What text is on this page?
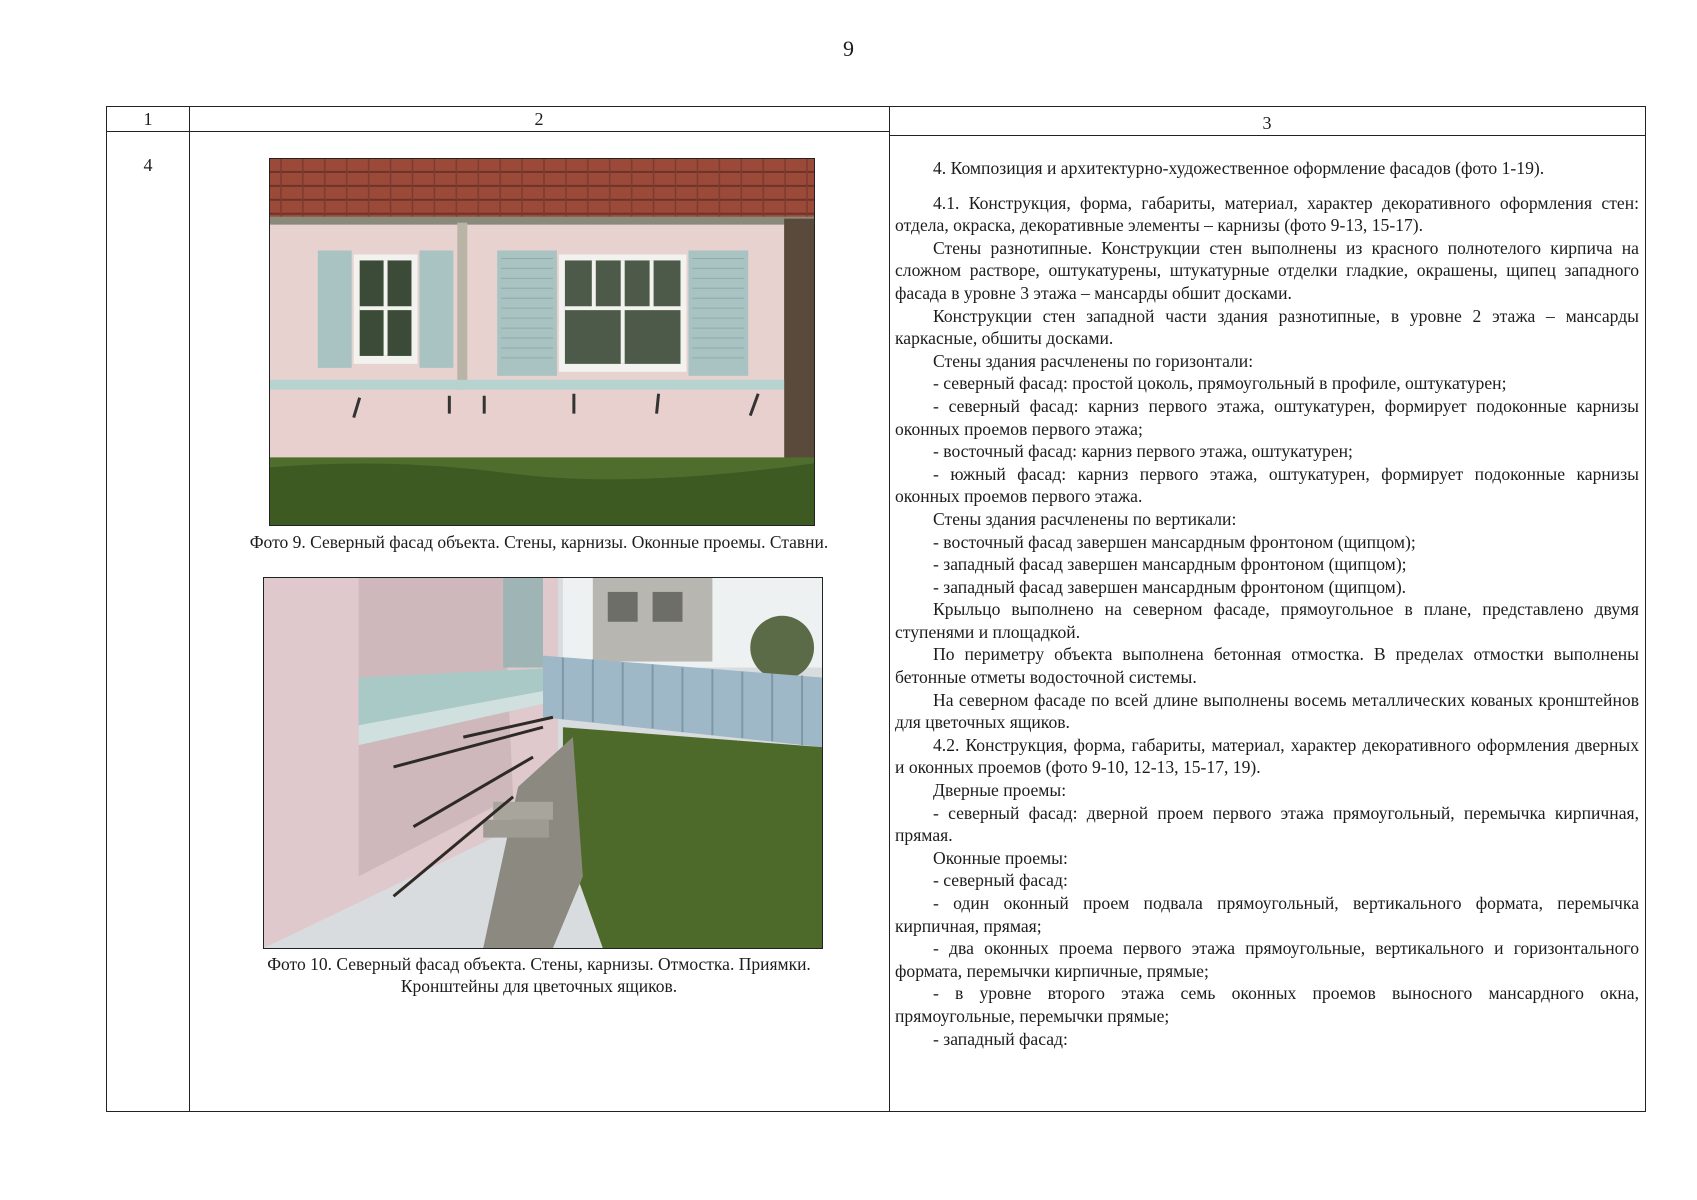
9
1	2	3
4
Фото 9. Северный фасад объекта. Стены, карнизы. Оконные проемы. Ставни.
Фото 10. Северный фасад объекта. Стены, карнизы. Отмостка. Приямки.
Кронштейны для цветочных ящиков.

4. Композиция и архитектурно-художественное оформление фасадов (фото 1-19).

4.1. Конструкция, форма, габариты, материал, характер декоративного оформления стен: отдела, окраска, декоративные элементы – карнизы (фото 9-13, 15-17).

Стены разнотипные. Конструкции стен выполнены из красного полнотелого кирпича на сложном растворе, оштукатурены, штукатурные отделки гладкие, окрашены, щипец западного фасада в уровне 3 этажа – мансарды обшит досками.

Конструкции стен западной части здания разнотипные, в уровне 2 этажа – мансарды каркасные, обшиты досками.

Стены здания расчленены по горизонтали:

- северный фасад: простой цоколь, прямоугольный в профиле, оштукатурен;

- северный фасад: карниз первого этажа, оштукатурен, формирует подоконные карнизы оконных проемов первого этажа;

- восточный фасад: карниз первого этажа, оштукатурен;

- южный фасад: карниз первого этажа, оштукатурен, формирует подоконные карнизы оконных проемов первого этажа.

Стены здания расчленены по вертикали:

- восточный фасад завершен мансардным фронтоном (щипцом);

- западный фасад завершен мансардным фронтоном (щипцом);

- западный фасад завершен мансардным фронтоном (щипцом).

Крыльцо выполнено на северном фасаде, прямоугольное в плане, представлено двумя ступенями и площадкой.

По периметру объекта выполнена бетонная отмостка. В пределах отмостки выполнены бетонные отметы водосточной системы.

На северном фасаде по всей длине выполнены восемь металлических кованых кронштейнов для цветочных ящиков.

4.2. Конструкция, форма, габариты, материал, характер декоративного оформления дверных и оконных проемов (фото 9-10, 12-13, 15-17, 19).

Дверные проемы:

- северный фасад: дверной проем первого этажа прямоугольный, перемычка кирпичная, прямая.

Оконные проемы:

- северный фасад:

- один оконный проем подвала прямоугольный, вертикального формата, перемычка кирпичная, прямая;

- два оконных проема первого этажа прямоугольные, вертикального и горизонтального формата, перемычки кирпичные, прямые;

- в уровне второго этажа семь оконных проемов выносного мансардного окна, прямоугольные, перемычки прямые;

- западный фасад:
